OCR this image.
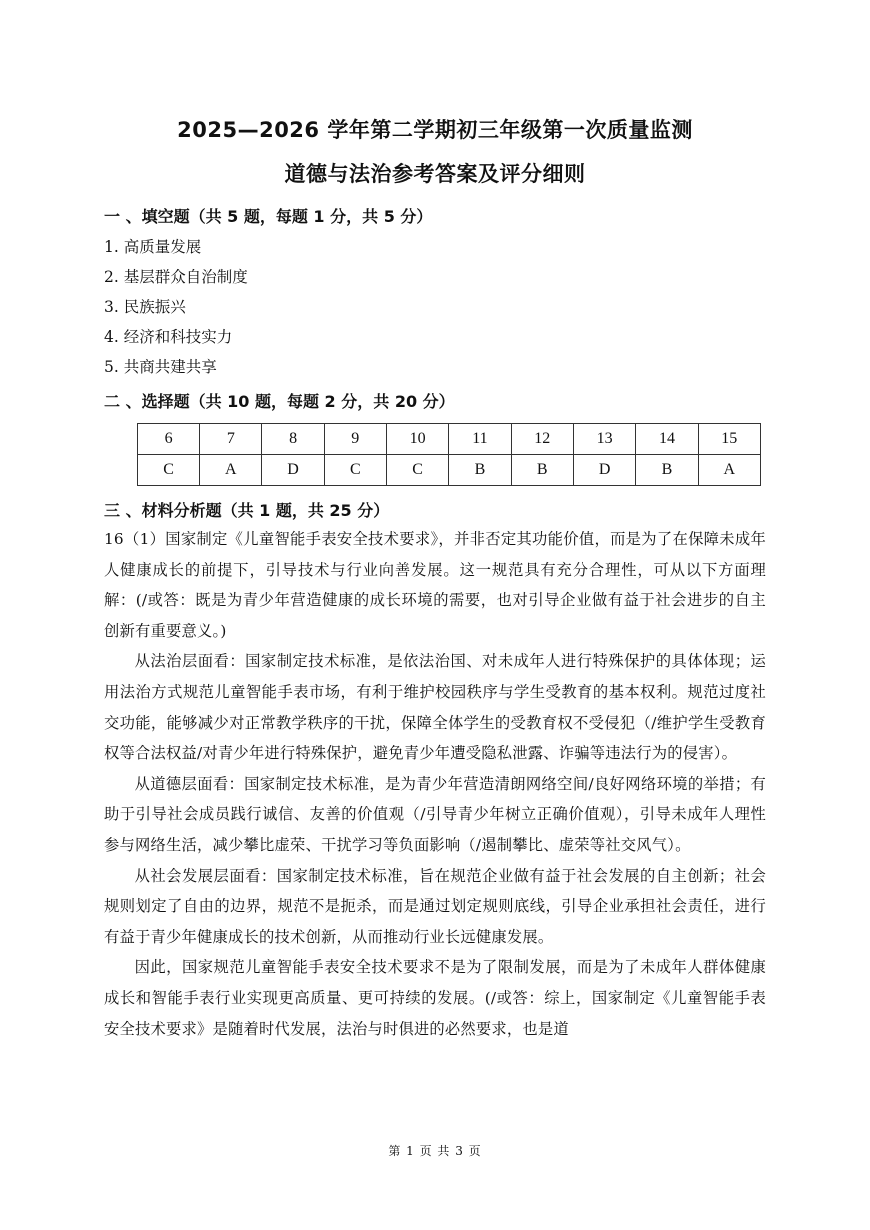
2025—2026 学年第二学期初三年级第一次质量监测
道德与法治参考答案及评分细则
一 、填空题（共 5 题，每题 1 分，共 5 分）
1. 高质量发展
2. 基层群众自治制度
3. 民族振兴
4. 经济和科技实力
5. 共商共建共享
二 、选择题（共 10 题，每题 2 分，共 20 分）
6	7	8	9	10	11	12	13	14	15
C	A	D	C	C	B	B	D	B	A
三 、材料分析题（共 1 题，共 25 分）

16（1）国家制定《儿童智能手表安全技术要求》，并非否定其功能价值，而是为了在保障未成年人健康成长的前提下，引导技术与行业向善发展。这一规范具有充分合理性，可从以下方面理解：(/或答：既是为青少年营造健康的成长环境的需要，也对引导企业做有益于社会进步的自主创新有重要意义。)

从法治层面看：国家制定技术标准，是依法治国、对未成年人进行特殊保护的具体体现；运用法治方式规范儿童智能手表市场，有利于维护校园秩序与学生受教育的基本权利。规范过度社交功能，能够减少对正常教学秩序的干扰，保障全体学生的受教育权不受侵犯（/维护学生受教育权等合法权益/对青少年进行特殊保护，避免青少年遭受隐私泄露、诈骗等违法行为的侵害）。

从道德层面看：国家制定技术标准，是为青少年营造清朗网络空间/良好网络环境的举措；有助于引导社会成员践行诚信、友善的价值观（/引导青少年树立正确价值观），引导未成年人理性参与网络生活，减少攀比虚荣、干扰学习等负面影响（/遏制攀比、虚荣等社交风气）。

从社会发展层面看：国家制定技术标准，旨在规范企业做有益于社会发展的自主创新；社会规则划定了自由的边界，规范不是扼杀，而是通过划定规则底线，引导企业承担社会责任，进行有益于青少年健康成长的技术创新，从而推动行业长远健康发展。

因此，国家规范儿童智能手表安全技术要求不是为了限制发展，而是为了未成年人群体健康成长和智能手表行业实现更高质量、更可持续的发展。(/或答：综上，国家制定《儿童智能手表安全技术要求》是随着时代发展，法治与时俱进的必然要求，也是道

第 1 页 共 3 页
